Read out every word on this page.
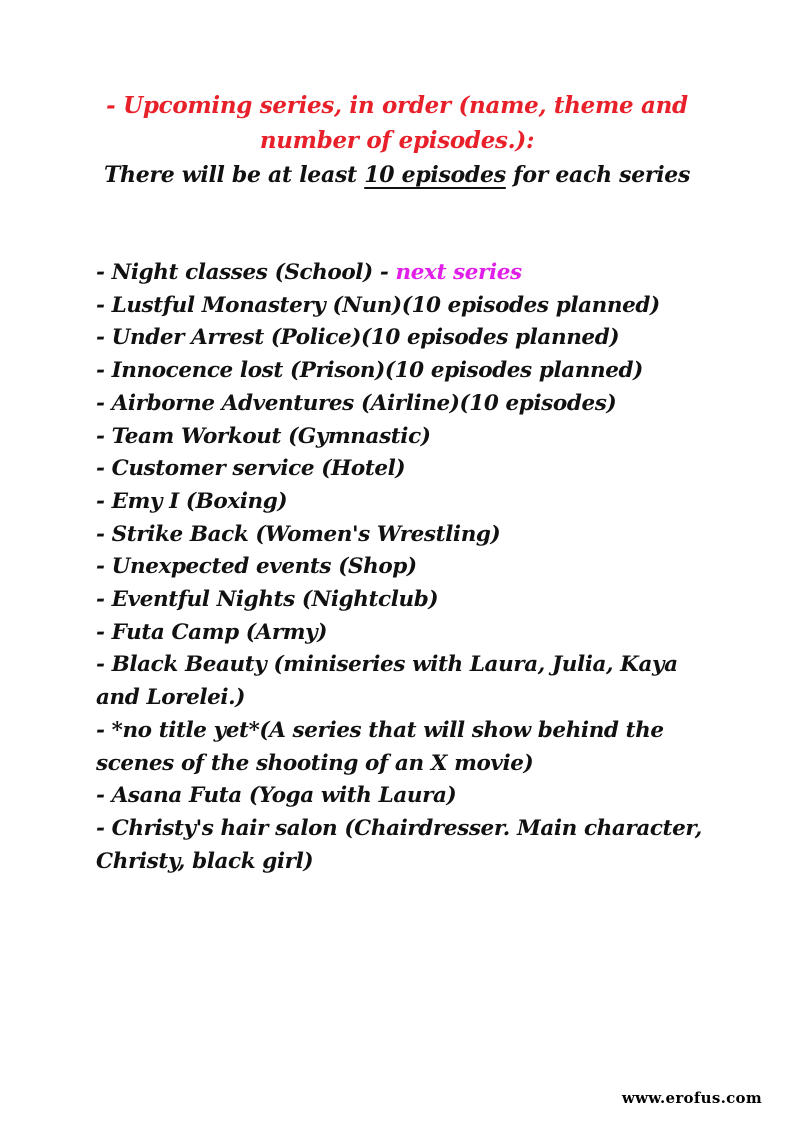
- Upcoming series, in order (name, theme and number of episodes.):
There will be at least 10 episodes for each series
- Night classes (School) - next series
- Lustful Monastery (Nun)(10 episodes planned)
- Under Arrest (Police)(10 episodes planned)
- Innocence lost (Prison)(10 episodes planned)
- Airborne Adventures (Airline)(10 episodes)
- Team Workout (Gymnastic)
- Customer service (Hotel)
- Emy I (Boxing)
- Strike Back (Women's Wrestling)
- Unexpected events (Shop)
- Eventful Nights (Nightclub)
- Futa Camp (Army)
- Black Beauty (miniseries with Laura, Julia, Kaya and Lorelei.)
- *no title yet*(A series that will show behind the scenes of the shooting of an X movie)
- Asana Futa (Yoga with Laura)
- Christy's hair salon (Chairdresser. Main character, Christy, black girl)
www.erofus.com
